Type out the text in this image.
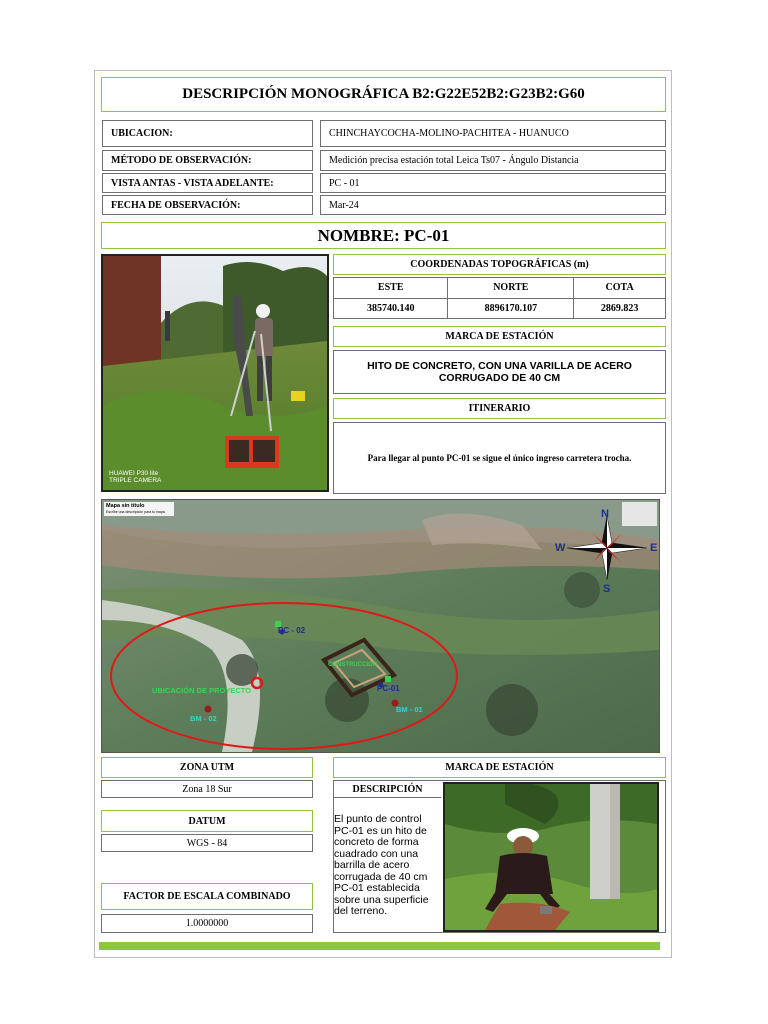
DESCRIPCIÓN MONOGRÁFICA B2:G22E52B2:G23B2:G60
UBICACION:	CHINCHAYCOCHA-MOLINO-PACHITEA - HUANUCO
MÉTODO DE OBSERVACIÓN:	Medición precisa estación total Leica Ts07 - Ángulo Distancia
VISTA ANTAS - VISTA ADELANTE:	PC - 01
FECHA DE OBSERVACIÓN:	Mar-24
NOMBRE: PC-01
HUAWEI P30 lite
TRIPLE CAMERA
COORDENADAS TOPOGRÁFICAS (m)
ESTE	NORTE	COTA
385740.140	8896170.107	2869.823
MARCA DE ESTACIÓN
HITO DE CONCRETO, CON UNA VARILLA DE ACERO CORRUGADO DE 40 CM
ITINERARIO
Para llegar al punto PC-01 se sigue el único ingreso carretera trocha.
Mapa sin título
Escribe una descripción para tu mapa.	N
S
W	E
PC - 02
UBICACIÓN DE PROYECTO
BM - 02
PC-01
BM - 01
CONSTRUCCION
ZONA UTM
Zona 18 Sur
DATUM
WGS - 84
FACTOR DE ESCALA COMBINADO
1.0000000
MARCA DE ESTACIÓN
DESCRIPCIÓN
El punto de control
PC-01 es un hito de
concreto de forma
cuadrado con una
barrilla de acero
corrugada de 40 cm
PC-01 establecida
sobre una superficie
del terreno.
